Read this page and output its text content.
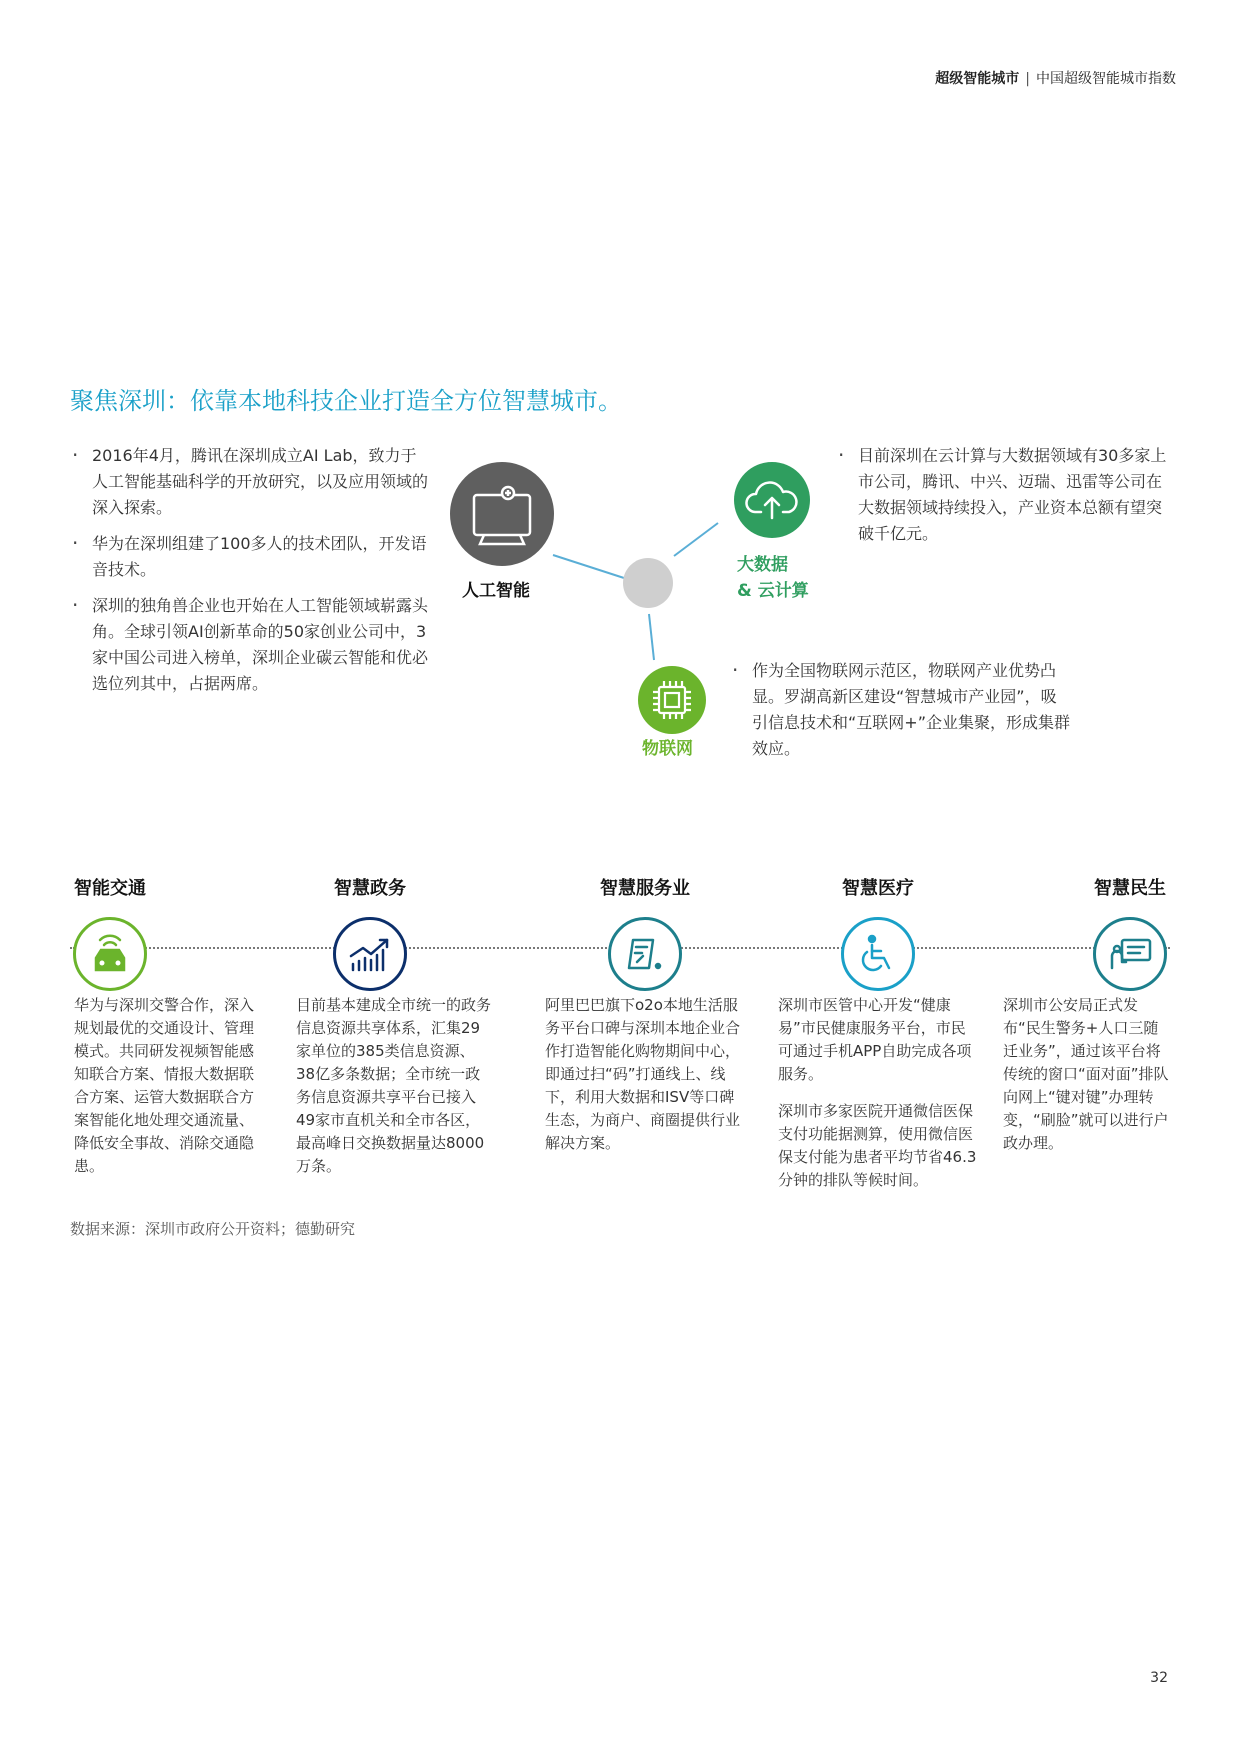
超级智能城市 | 中国超级智能城市指数
聚焦深圳：依靠本地科技企业打造全方位智慧城市。
人工智能
大数据
& 云计算
物联网
· 2016年4月，腾讯在深圳成立AI Lab，致力于人工智能基础科学的开放研究，以及应用领域的深入探索。
· 华为在深圳组建了100多人的技术团队，开发语音技术。
· 深圳的独角兽企业也开始在人工智能领域崭露头角。全球引领AI创新革命的50家创业公司中，3家中国公司进入榜单，深圳企业碳云智能和优必选位列其中，占据两席。
· 目前深圳在云计算与大数据领域有30多家上市公司，腾讯、中兴、迈瑞、迅雷等公司在大数据领域持续投入，产业资本总额有望突破千亿元。
· 作为全国物联网示范区，物联网产业优势凸显。罗湖高新区建设“智慧城市产业园”，吸引信息技术和“互联网+”企业集聚，形成集群效应。
智能交通	智慧政务	智慧服务业	智慧医疗	智慧民生

华为与深圳交警合作，深入规划最优的交通设计、管理模式。共同研发视频智能感知联合方案、情报大数据联合方案、运管大数据联合方案智能化地处理交通流量、降低安全事故、消除交通隐患。

目前基本建成全市统一的政务信息资源共享体系，汇集29家单位的385类信息资源、38亿多条数据；全市统一政务信息资源共享平台已接入49家市直机关和全市各区，最高峰日交换数据量达8000万条。

阿里巴巴旗下o2o本地生活服务平台口碑与深圳本地企业合作打造智能化购物期间中心，即通过扫“码”打通线上、线下，利用大数据和ISV等口碑生态，为商户、商圈提供行业解决方案。

深圳市医管中心开发“健康易”市民健康服务平台，市民可通过手机APP自助完成各项服务。

深圳市多家医院开通微信医保支付功能据测算，使用微信医保支付能为患者平均节省46.3分钟的排队等候时间。

深圳市公安局正式发布“民生警务+人口三随迁业务”，通过该平台将传统的窗口“面对面”排队向网上“键对键”办理转变，“刷脸”就可以进行户政办理。

数据来源：深圳市政府公开资料；德勤研究
32
